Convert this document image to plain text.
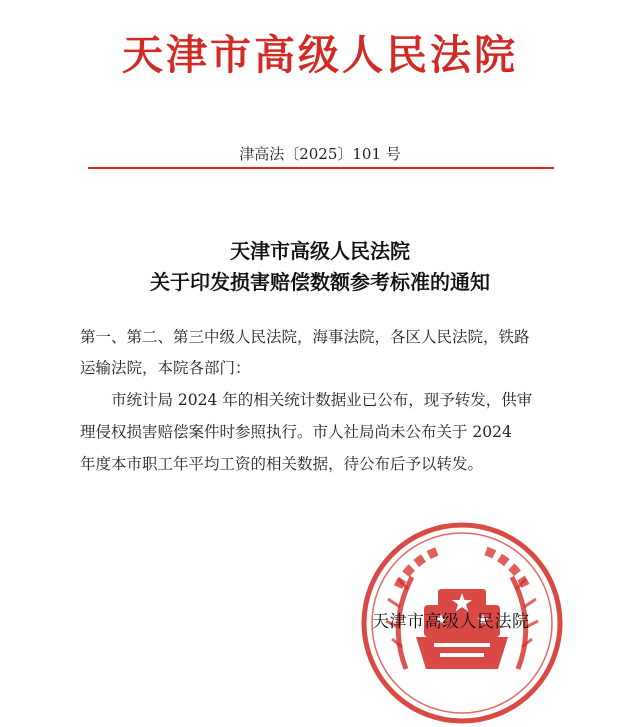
天津市高级人民法院
津高法〔2025〕101 号
天津市高级人民法院
关于印发损害赔偿数额参考标准的通知
第一、第二、第三中级人民法院，海事法院，各区人民法院，铁路
运输法院，本院各部门：
市统计局 2024 年的相关统计数据业已公布，现予转发，供审
理侵权损害赔偿案件时参照执行。市人社局尚未公布关于 2024
年度本市职工年平均工资的相关数据，待公布后予以转发。
天津市高级人民法院
